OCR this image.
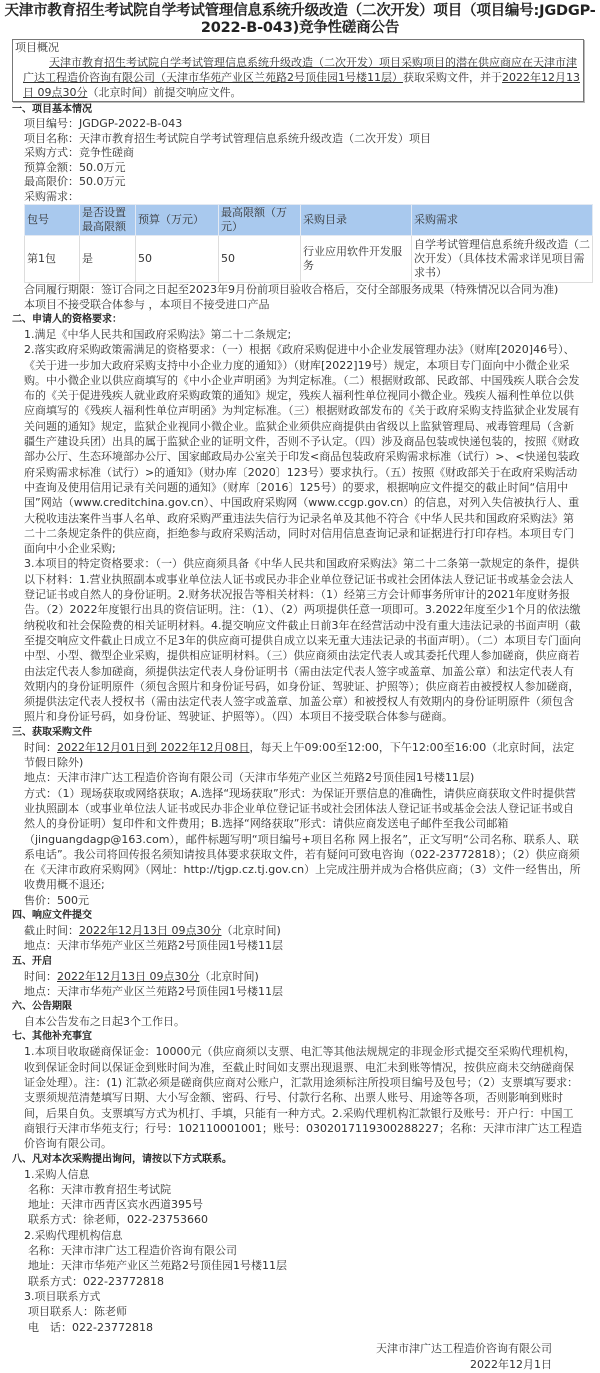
天津市教育招生考试院自学考试管理信息系统升级改造（二次开发）项目（项目编号:JGDGP-2022-B-043)竞争性磋商公告
项目概况
天津市教育招生考试院自学考试管理信息系统升级改造（二次开发）项目采购项目的潜在供应商应在天津市津广达工程造价咨询有限公司（天津市华苑产业区兰苑路2号顶佳园1号楼11层）获取采购文件，并于2022年12月13日 09点30分（北京时间）前提交响应文件。
一、项目基本情况
项目编号：JGDGP-2022-B-043
项目名称：天津市教育招生考试院自学考试管理信息系统升级改造（二次开发）项目
采购方式：竞争性磋商
预算金额：50.0万元
最高限价：50.0万元
采购需求：
包号	是否设置最高限额	预算（万元）	最高限额（万元）	采购目录	采购需求
第1包	是	50	50	行业应用软件开发服务	自学考试管理信息系统升级改造（二次开发）（具体技术需求详见项目需求书）
合同履行期限：签订合同之日起至2023年9月份前项目验收合格后，交付全部服务成果（特殊情况以合同为准)
本项目不接受联合体参与 ，本项目不接受进口产品
二、申请人的资格要求：
1.满足《中华人民共和国政府采购法》第二十二条规定;
2.落实政府采购政策需满足的资格要求：（一）根据《政府采购促进中小企业发展管理办法》（财库[2020]46号）、《关于进一步加大政府采购支持中小企业力度的通知》）（财库[2022]19号）规定，本项目专门面向中小微企业采购。中小微企业以供应商填写的《中小企业声明函》为判定标准。（二）根据财政部、民政部、中国残疾人联合会发布的《关于促进残疾人就业政府采购政策的通知》规定，残疾人福利性单位视同小微企业。残疾人福利性单位以供应商填写的《残疾人福利性单位声明函》为判定标准。（三）根据财政部发布的《关于政府采购支持监狱企业发展有关问题的通知》规定，监狱企业视同小微企业。监狱企业须供应商提供由省级以上监狱管理局、戒毒管理局（含新疆生产建设兵团）出具的属于监狱企业的证明文件，否则不予认定。（四）涉及商品包装或快递包装的，按照《财政部办公厅、生态环境部办公厅、国家邮政局办公室关于印发<商品包装政府采购需求标准（试行）>、<快递包装政府采购需求标准（试行）>的通知》（财办库〔2020〕123号）要求执行。（五）按照《财政部关于在政府采购活动中查询及使用信用记录有关问题的通知》（财库〔2016〕125号）的要求，根据响应文件提交的截止时间“信用中国”网站（www.creditchina.gov.cn）、中国政府采购网（www.ccgp.gov.cn）的信息，对列入失信被执行人、重大税收违法案件当事人名单、政府采购严重违法失信行为记录名单及其他不符合《中华人民共和国政府采购法》第二十二条规定条件的供应商，拒绝参与政府采购活动，同时对信用信息查询记录和证据进行打印存档。本项目专门面向中小企业采购;
3.本项目的特定资格要求：（一）供应商须具备《中华人民共和国政府采购法》第二十二条第一款规定的条件，提供以下材料：1.营业执照副本或事业单位法人证书或民办非企业单位登记证书或社会团体法人登记证书或基金会法人登记证书或自然人的身份证明。2.财务状况报告等相关材料：（1）经第三方会计师事务所审计的2021年度财务报告。（2）2022年度银行出具的资信证明。注：（1）、（2）两项提供任意一项即可。3.2022年度至少1个月的依法缴纳税收和社会保险费的相关证明材料。4.提交响应文件截止日前3年在经营活动中没有重大违法记录的书面声明（截至提交响应文件截止日成立不足3年的供应商可提供自成立以来无重大违法记录的书面声明）。（二）本项目专门面向中型、小型、微型企业采购，提供相应证明材料。（三）供应商须由法定代表人或其委托代理人参加磋商，供应商若由法定代表人参加磋商，须提供法定代表人身份证明书（需由法定代表人签字或盖章、加盖公章）和法定代表人有效期内的身份证明原件（须包含照片和身份证号码，如身份证、驾驶证、护照等）；供应商若由被授权人参加磋商，须提供法定代表人授权书（需由法定代表人签字或盖章、加盖公章）和被授权人有效期内的身份证明原件（须包含照片和身份证号码，如身份证、驾驶证、护照等）。（四）本项目不接受联合体参与磋商。
三、获取采购文件
时间：2022年12月01日到 2022年12月08日，每天上午09:00至12:00，下午12:00至16:00（北京时间，法定节假日除外)
地点：天津市津广达工程造价咨询有限公司（天津市华苑产业区兰苑路2号顶佳园1号楼11层)
方式：（1）现场获取或网络获取；A.选择“现场获取”形式：为保证开票信息的准确性，请供应商获取文件时提供营业执照副本（或事业单位法人证书或民办非企业单位登记证书或社会团体法人登记证书或基金会法人登记证书或自然人的身份证明）复印件和文件费用；B.选择“网络获取”形式：请供应商发送电子邮件至我公司邮箱（jinguangdagp@163.com），邮件标题写明“项目编号+项目名称 网上报名”，正文写明“公司名称、联系人、联系电话”。我公司将回传报名须知请按具体要求获取文件，若有疑问可致电咨询（022-23772818）；（2）供应商须在《天津市政府采购网》（网址：http://tjgp.cz.tj.gov.cn）上完成注册并成为合格供应商；（3）文件一经售出，所收费用概不退还;
售价：500元
四、响应文件提交
截止时间：2022年12月13日 09点30分（北京时间)
地点：天津市华苑产业区兰苑路2号顶佳园1号楼11层
五、开启
时间：2022年12月13日 09点30分（北京时间)
地点：天津市华苑产业区兰苑路2号顶佳园1号楼11层
六、公告期限
自本公告发布之日起3个工作日。
七、其他补充事宜
1.本项目收取磋商保证金：10000元（供应商须以支票、电汇等其他法规规定的非现金形式提交至采购代理机构，收到保证金时间以保证金到账时间为准，至截止时间如支票出现退票、电汇未到账等情况，按供应商未交纳磋商保证金处理）。注：(1) 汇款必须是磋商供应商对公账户，汇款用途须标注所投项目编号及包号；（2）支票填写要求：支票须规范清楚填写日期、大小写金额、密码、行号、付款行名称、出票人账号、用途等各项，否则影响到账时间，后果自负。支票填写方式为机打、手填，只能有一种方式。2.采购代理机构汇款银行及账号：开户行：中国工商银行天津市华苑支行；行号：102110001001；账号：0302017119300288227；名称：天津市津广达工程造价咨询有限公司。
八、凡对本次采购提出询问，请按以下方式联系。
1.采购人信息
名称：天津市教育招生考试院
地址：天津市西青区宾水西道395号
联系方式：徐老师，022-23753660
2.采购代理机构信息
名称：天津市津广达工程造价咨询有限公司
地址：天津市华苑产业区兰苑路2号顶佳园1号楼11层
联系方式：022-23772818
3.项目联系方式
项目联系人：陈老师
电　话：022-23772818
天津市津广达工程造价咨询有限公司
2022年12月1日
